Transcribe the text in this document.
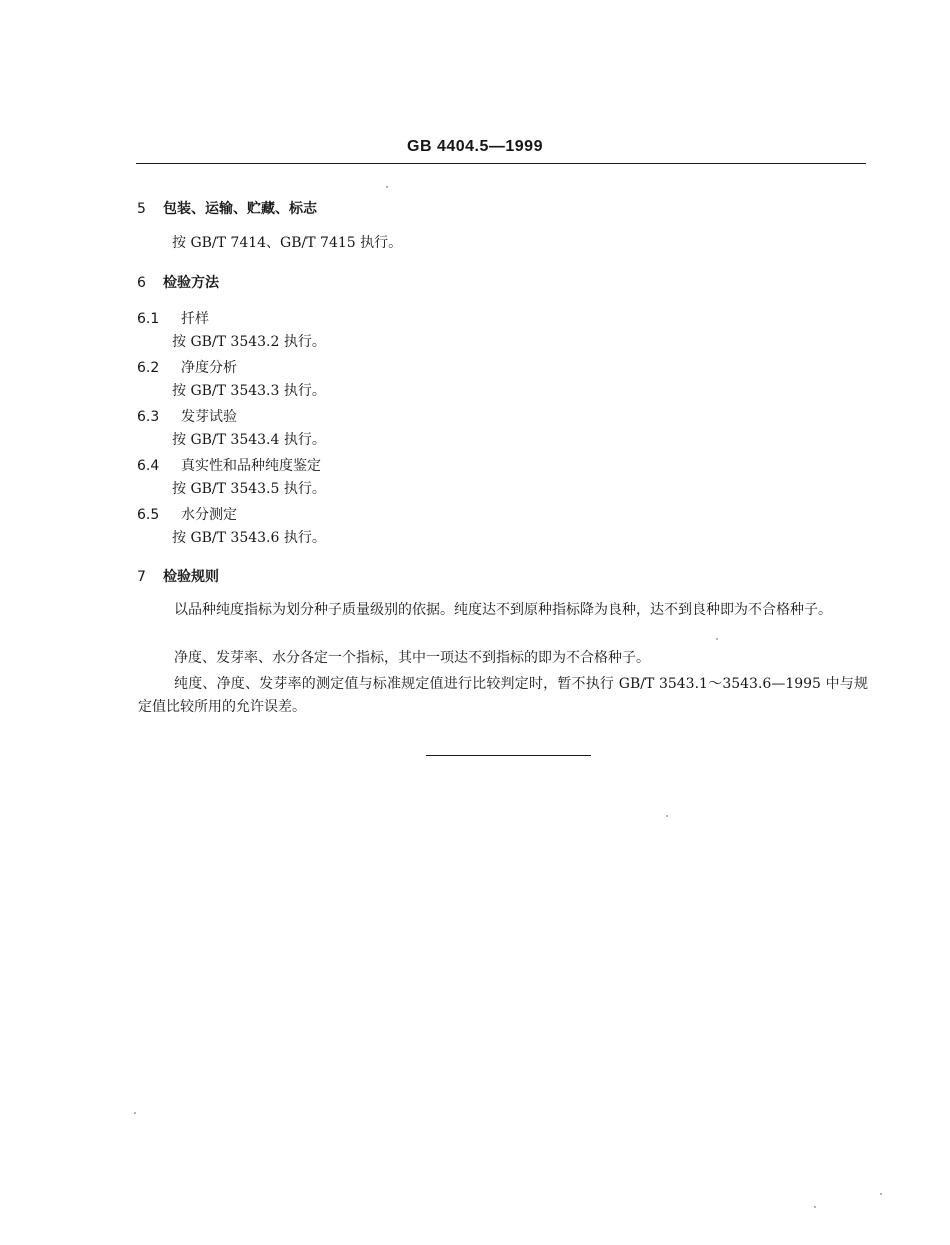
GB 4404.5—1999
5 包装、运输、贮藏、标志
按 GB/T 7414、GB/T 7415 执行。
6 检验方法
6.1 扦样
按 GB/T 3543.2 执行。
6.2 净度分析
按 GB/T 3543.3 执行。
6.3 发芽试验
按 GB/T 3543.4 执行。
6.4 真实性和品种纯度鉴定
按 GB/T 3543.5 执行。
6.5 水分测定
按 GB/T 3543.6 执行。
7 检验规则
以品种纯度指标为划分种子质量级别的依据。纯度达不到原种指标降为良种，达不到良种即为不合格种子。
净度、发芽率、水分各定一个指标，其中一项达不到指标的即为不合格种子。
纯度、净度、发芽率的测定值与标准规定值进行比较判定时，暂不执行 GB/T 3543.1～3543.6—1995 中与规定值比较所用的允许误差。
